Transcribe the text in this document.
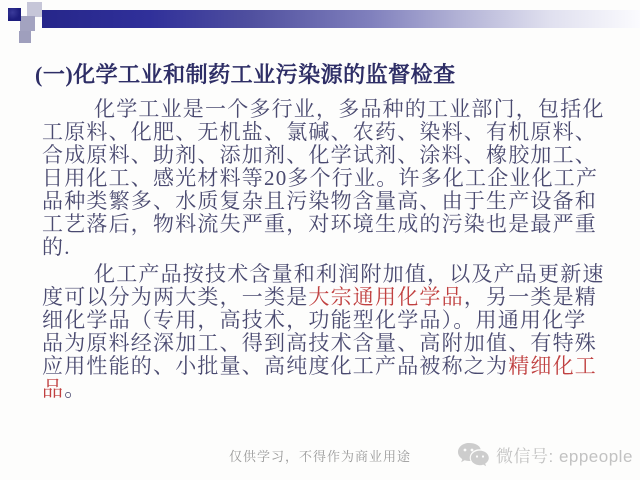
(一)化学工业和制药工业污染源的监督检查
化学工业是一个多行业，多品种的工业部门，包括化
工原料、化肥、无机盐、氯碱、农药、染料、有机原料、
合成原料、助剂、添加剂、化学试剂、涂料、橡胶加工、
日用化工、感光材料等20多个行业。许多化工企业化工产
品种类繁多、水质复杂且污染物含量高、由于生产设备和
工艺落后，物料流失严重，对环境生成的污染也是最严重
的.
化工产品按技术含量和利润附加值，以及产品更新速
度可以分为两大类，一类是大宗通用化学品，另一类是精
细化学品（专用，高技术，功能型化学品）。用通用化学
品为原料经深加工、得到高技术含量、高附加值、有特殊
应用性能的、小批量、高纯度化工产品被称之为精细化工
品。
仅供学习，不得作为商业用途	微信号: eppeople
